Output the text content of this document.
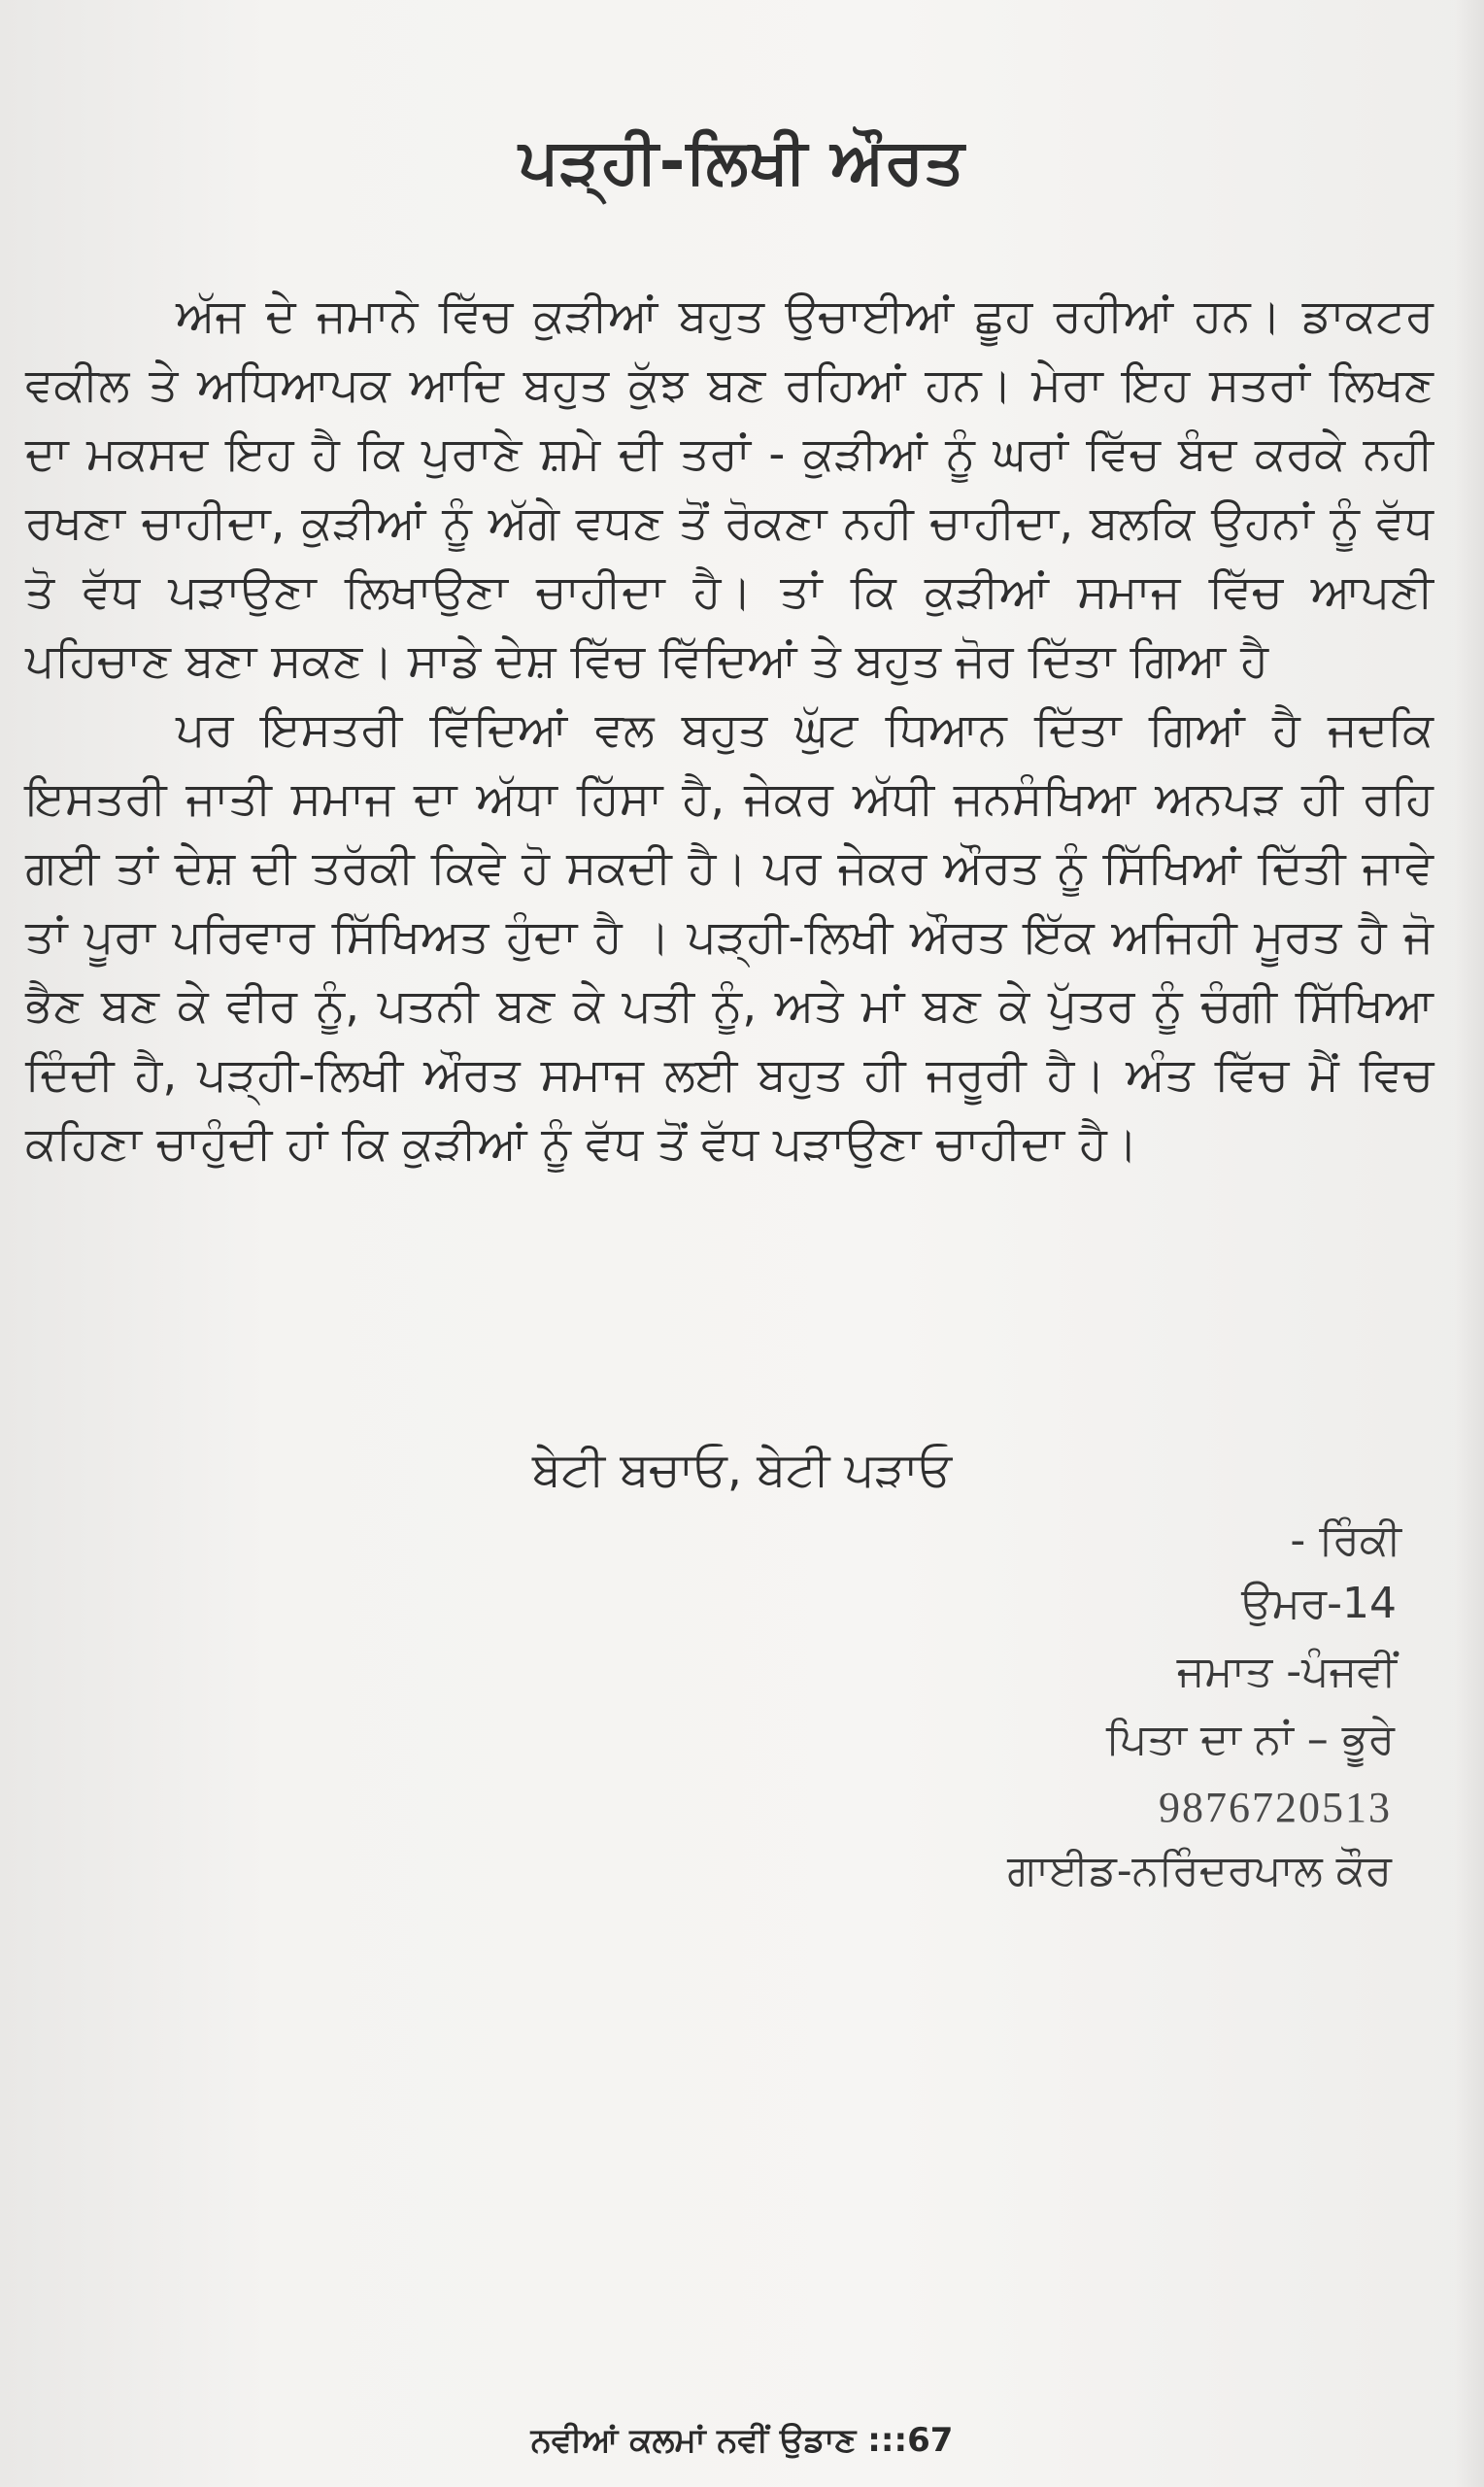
ਪੜ੍ਹੀ-ਲਿਖੀ ਔਰਤ

ਅੱਜ ਦੇ ਜਮਾਨੇ ਵਿੱਚ ਕੁੜੀਆਂ ਬਹੁਤ ਉਚਾਈਆਂ ਛੂਹ ਰਹੀਆਂ ਹਨ। ਡਾਕਟਰ ਵਕੀਲ ਤੇ ਅਧਿਆਪਕ ਆਦਿ ਬਹੁਤ ਕੁੱਝ ਬਣ ਰਹਿਆਂ ਹਨ। ਮੇਰਾ ਇਹ ਸਤਰਾਂ ਲਿਖਣ ਦਾ ਮਕਸਦ ਇਹ ਹੈ ਕਿ ਪੁਰਾਣੇ ਸ਼ਮੇ ਦੀ ਤਰਾਂ - ਕੁੜੀਆਂ ਨੂੰ ਘਰਾਂ ਵਿੱਚ ਬੰਦ ਕਰਕੇ ਨਹੀ ਰਖਣਾ ਚਾਹੀਦਾ, ਕੁੜੀਆਂ ਨੂੰ ਅੱਗੇ ਵਧਣ ਤੋਂ ਰੋਕਣਾ ਨਹੀ ਚਾਹੀਦਾ, ਬਲਕਿ ਉਹਨਾਂ ਨੂੰ ਵੱਧ ਤੋ ਵੱਧ ਪੜਾਉਣਾ ਲਿਖਾਉਣਾ ਚਾਹੀਦਾ ਹੈ। ਤਾਂ ਕਿ ਕੁੜੀਆਂ ਸਮਾਜ ਵਿੱਚ ਆਪਣੀ ਪਹਿਚਾਣ ਬਣਾ ਸਕਣ। ਸਾਡੇ ਦੇਸ਼ ਵਿੱਚ ਵਿੱਦਿਆਂ ਤੇ ਬਹੁਤ ਜੋਰ ਦਿੱਤਾ ਗਿਆ ਹੈ

ਪਰ ਇਸਤਰੀ ਵਿੱਦਿਆਂ ਵਲ ਬਹੁਤ ਘੁੱਟ ਧਿਆਨ ਦਿੱਤਾ ਗਿਆਂ ਹੈ ਜਦਕਿ ਇਸਤਰੀ ਜਾਤੀ ਸਮਾਜ ਦਾ ਅੱਧਾ ਹਿੱਸਾ ਹੈ, ਜੇਕਰ ਅੱਧੀ ਜਨਸੰਖਿਆ ਅਨਪੜ ਹੀ ਰਹਿ ਗਈ ਤਾਂ ਦੇਸ਼ ਦੀ ਤਰੱਕੀ ਕਿਵੇ ਹੋ ਸਕਦੀ ਹੈ। ਪਰ ਜੇਕਰ ਔਰਤ ਨੂੰ ਸਿੱਖਿਆਂ ਦਿੱਤੀ ਜਾਵੇ ਤਾਂ ਪੂਰਾ ਪਰਿਵਾਰ ਸਿੱਖਿਅਤ ਹੁੰਦਾ ਹੈ । ਪੜ੍ਹੀ-ਲਿਖੀ ਔਰਤ ਇੱਕ ਅਜਿਹੀ ਮੂਰਤ ਹੈ ਜੋ ਭੈਣ ਬਣ ਕੇ ਵੀਰ ਨੂੰ, ਪਤਨੀ ਬਣ ਕੇ ਪਤੀ ਨੂੰ, ਅਤੇ ਮਾਂ ਬਣ ਕੇ ਪੁੱਤਰ ਨੂੰ ਚੰਗੀ ਸਿੱਖਿਆ ਦਿੰਦੀ ਹੈ, ਪੜ੍ਹੀ-ਲਿਖੀ ਔਰਤ ਸਮਾਜ ਲਈ ਬਹੁਤ ਹੀ ਜਰੂਰੀ ਹੈ। ਅੰਤ ਵਿੱਚ ਮੈਂ ਵਿਚ ਕਹਿਣਾ ਚਾਹੁੰਦੀ ਹਾਂ ਕਿ ਕੁੜੀਆਂ ਨੂੰ ਵੱਧ ਤੋਂ ਵੱਧ ਪੜਾਉਣਾ ਚਾਹੀਦਾ ਹੈ।

ਬੇਟੀ ਬਚਾਓ, ਬੇਟੀ ਪੜਾਓ
- ਰਿੰਕੀ
ਉਮਰ-14
ਜਮਾਤ -ਪੰਜਵੀਂ
ਪਿਤਾ ਦਾ ਨਾਂ – ਭੂਰੇ
9876720513
ਗਾਈਡ-ਨਰਿੰਦਰਪਾਲ ਕੌਰ
ਨਵੀਆਂ ਕਲਮਾਂ ਨਵੀਂ ਉਡਾਣ :::67
